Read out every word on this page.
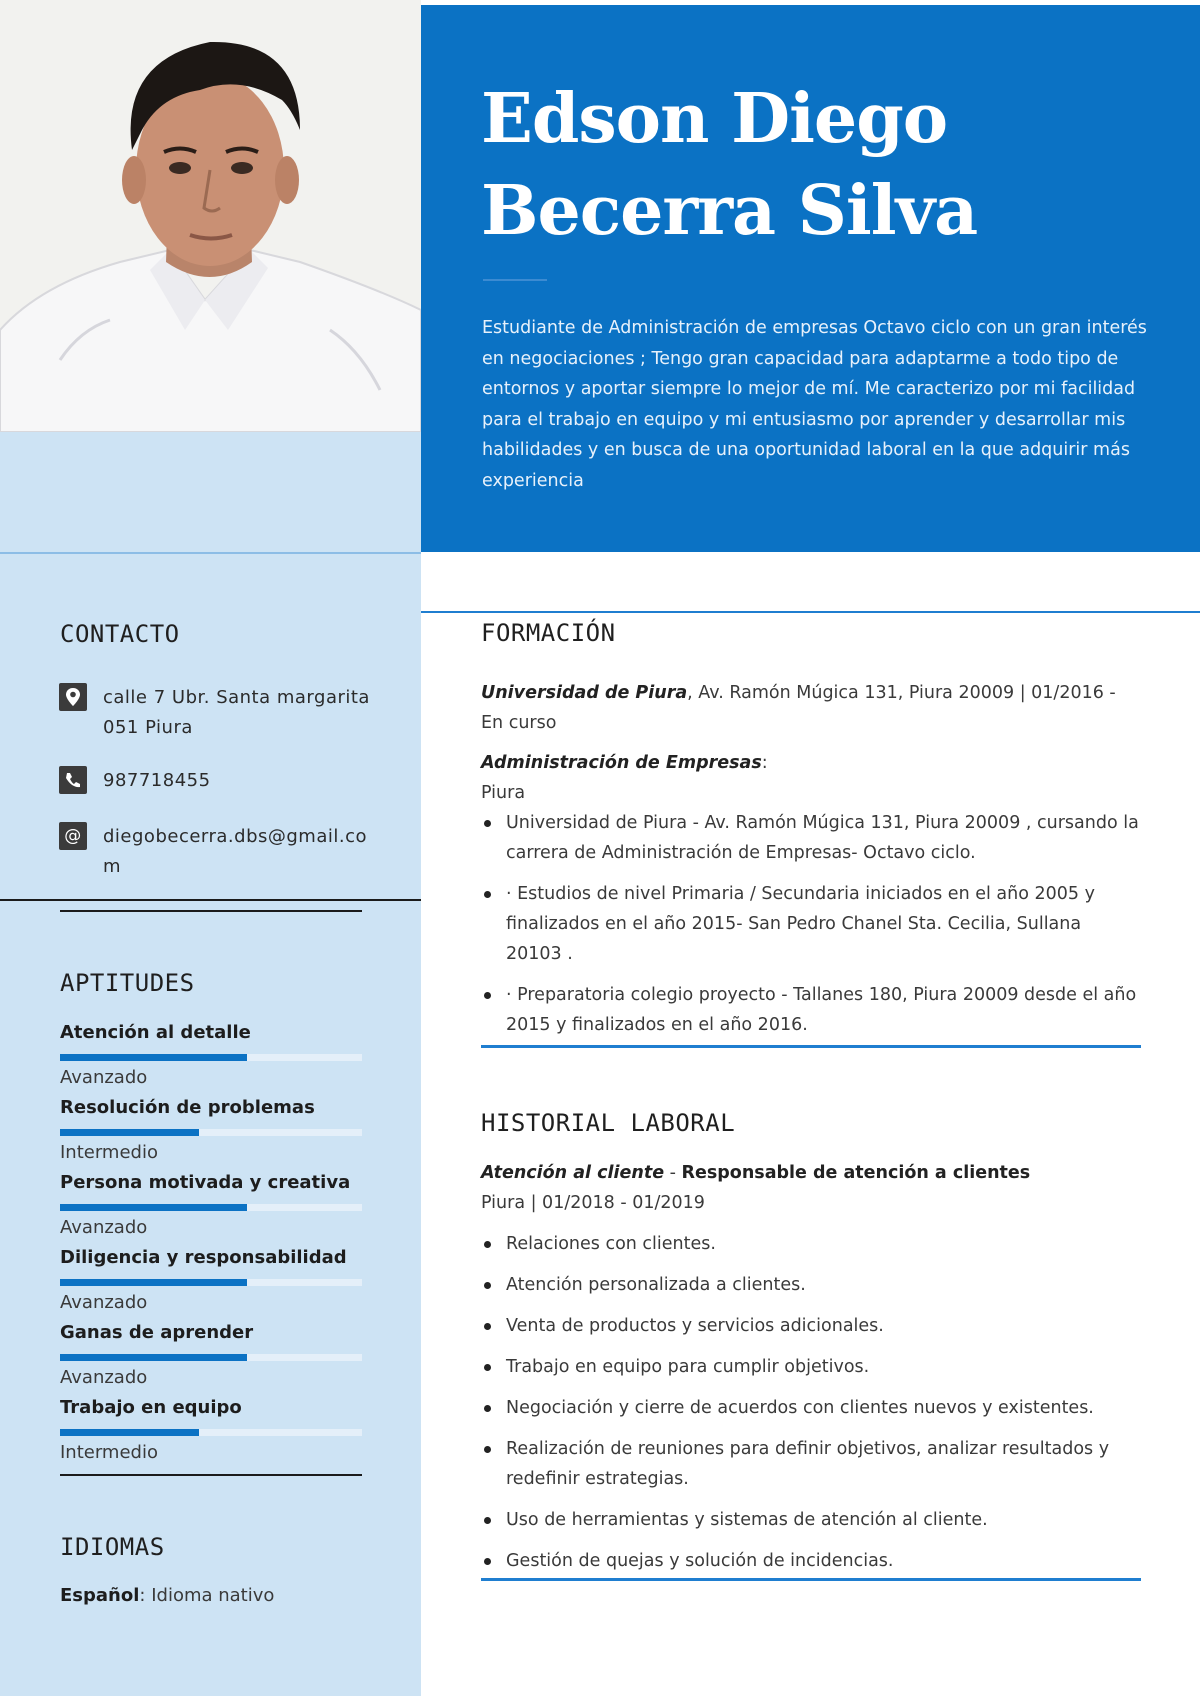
Edson Diego
Becerra Silva
Estudiante de Administración de empresas Octavo ciclo con un gran interés en negociaciones ; Tengo gran capacidad para adaptarme a todo tipo de entornos y aportar siempre lo mejor de mí. Me caracterizo por mi facilidad para el trabajo en equipo y mi entusiasmo por aprender y desarrollar mis habilidades y en busca de una oportunidad laboral en la que adquirir más experiencia
CONTACTO
calle 7 Ubr. Santa margarita 051 Piura
987718455
@ diegobecerra.dbs@gmail.com
APTITUDES
Atención al detalle
Avanzado
Resolución de problemas
Intermedio
Persona motivada y creativa
Avanzado
Diligencia y responsabilidad
Avanzado
Ganas de aprender
Avanzado
Trabajo en equipo
Intermedio
IDIOMAS
Español: Idioma nativo
FORMACIÓN
Universidad de Piura, Av. Ramón Múgica 131, Piura 20009 | 01/2016 - En curso
Administración de Empresas:
Piura
Universidad de Piura - Av. Ramón Múgica 131, Piura 20009 , cursando la carrera de Administración de Empresas- Octavo ciclo.
· Estudios de nivel Primaria / Secundaria iniciados en el año 2005 y finalizados en el año 2015- San Pedro Chanel Sta. Cecilia, Sullana 20103 .
· Preparatoria colegio proyecto - Tallanes 180, Piura 20009 desde el año 2015 y finalizados en el año 2016.
HISTORIAL LABORAL
Atención al cliente - Responsable de atención a clientes
Piura | 01/2018 - 01/2019
Relaciones con clientes.
Atención personalizada a clientes.
Venta de productos y servicios adicionales.
Trabajo en equipo para cumplir objetivos.
Negociación y cierre de acuerdos con clientes nuevos y existentes.
Realización de reuniones para definir objetivos, analizar resultados y redefinir estrategias.
Uso de herramientas y sistemas de atención al cliente.
Gestión de quejas y solución de incidencias.
